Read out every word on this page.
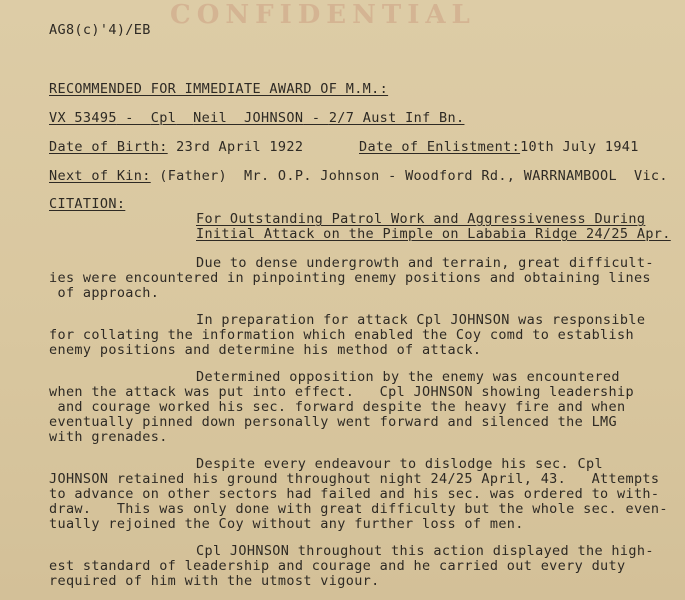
CONFIDENTIAL
AG8(c)'4)/EB
RECOMMENDED FOR IMMEDIATE AWARD OF M.M.:
VX 53495 -  Cpl Neil  JOHNSON - 2/7 Aust Inf Bn.
Date of Birth: 23rd April 1922	Date of Enlistment:10th July 1941
Next of Kin: (Father)  Mr. O.P. Johnson - Woodford Rd., WARRNAMBOOL  Vic.
CITATION:
For Outstanding Patrol Work and Aggressiveness During
Initial Attack on the Pimple on Lababia Ridge 24/25 Apr.
Due to dense undergrowth and terrain, great difficult-
ies were encountered in pinpointing enemy positions and obtaining lines
of approach.
In preparation for attack Cpl JOHNSON was responsible
for collating the information which enabled the Coy comd to establish
enemy positions and determine his method of attack.
Determined opposition by the enemy was encountered
when the attack was put into effect.   Cpl JOHNSON showing leadership
and courage worked his sec. forward despite the heavy fire and when
eventually pinned down personally went forward and silenced the LMG
with grenades.
Despite every endeavour to dislodge his sec. Cpl
JOHNSON retained his ground throughout night 24/25 April, 43.   Attempts
to advance on other sectors had failed and his sec. was ordered to with-
draw.   This was only done with great difficulty but the whole sec. even-
tually rejoined the Coy without any further loss of men.
Cpl JOHNSON throughout this action displayed the high-
est standard of leadership and courage and he carried out every duty
required of him with the utmost vigour.
